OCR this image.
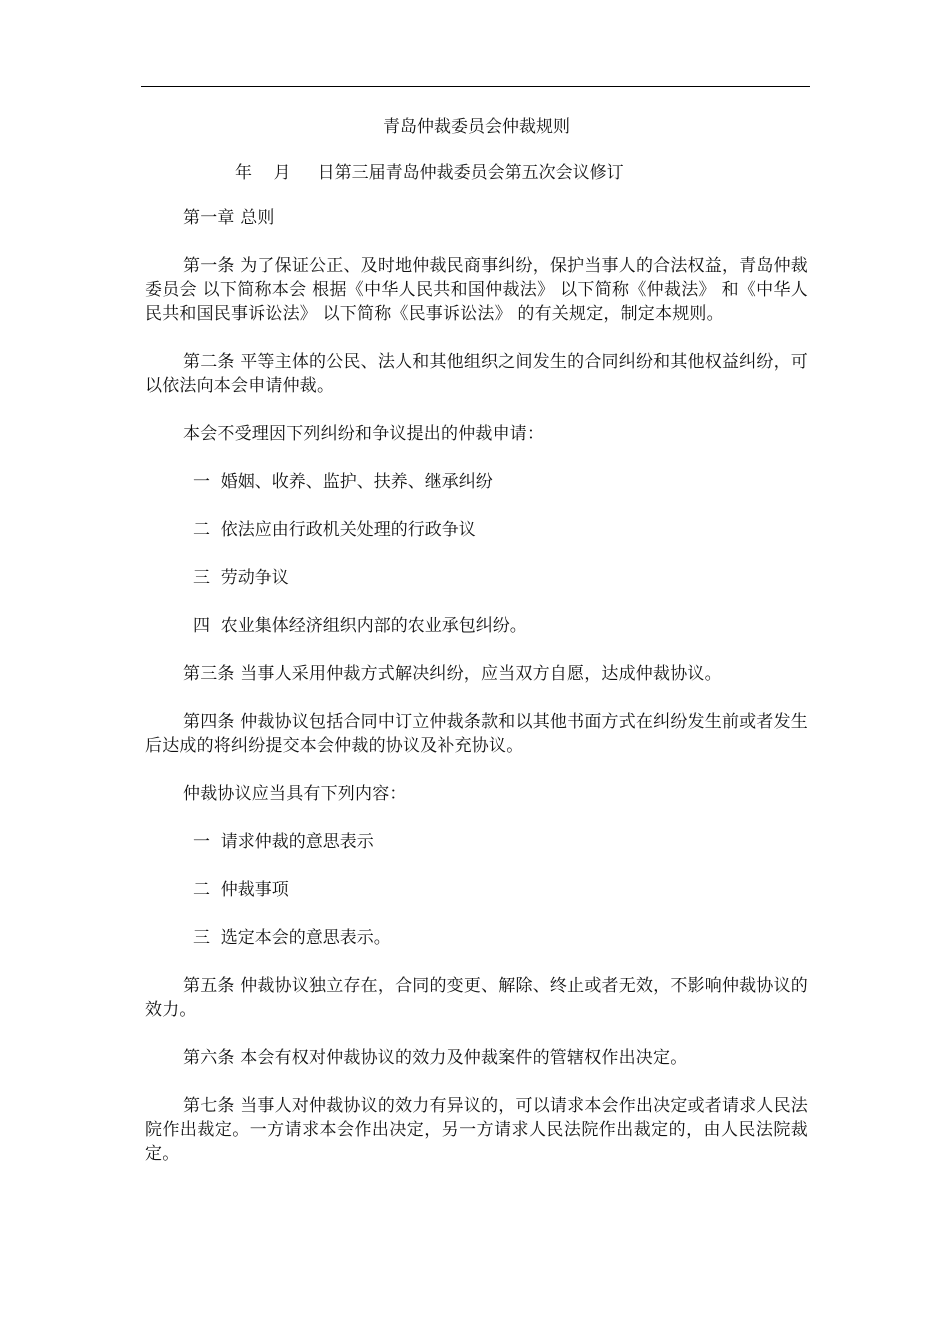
青岛仲裁委员会仲裁规则
年    月     日第三届青岛仲裁委员会第五次会议修订
第一章 总则
第一条 为了保证公正、及时地仲裁民商事纠纷，保护当事人的合法权益，青岛仲裁委员会 以下简称本会 根据《中华人民共和国仲裁法》 以下简称《仲裁法》 和《中华人民共和国民事诉讼法》 以下简称《民事诉讼法》 的有关规定，制定本规则。
第二条 平等主体的公民、法人和其他组织之间发生的合同纠纷和其他权益纠纷，可以依法向本会申请仲裁。
本会不受理因下列纠纷和争议提出的仲裁申请：
一  婚姻、收养、监护、扶养、继承纠纷
二  依法应由行政机关处理的行政争议
三  劳动争议
四  农业集体经济组织内部的农业承包纠纷。
第三条 当事人采用仲裁方式解决纠纷，应当双方自愿，达成仲裁协议。
第四条 仲裁协议包括合同中订立仲裁条款和以其他书面方式在纠纷发生前或者发生后达成的将纠纷提交本会仲裁的协议及补充协议。
仲裁协议应当具有下列内容：
一  请求仲裁的意思表示
二  仲裁事项
三  选定本会的意思表示。
第五条 仲裁协议独立存在，合同的变更、解除、终止或者无效，不影响仲裁协议的效力。
第六条 本会有权对仲裁协议的效力及仲裁案件的管辖权作出决定。
第七条 当事人对仲裁协议的效力有异议的，可以请求本会作出决定或者请求人民法院作出裁定。一方请求本会作出决定，另一方请求人民法院作出裁定的，由人民法院裁定。
